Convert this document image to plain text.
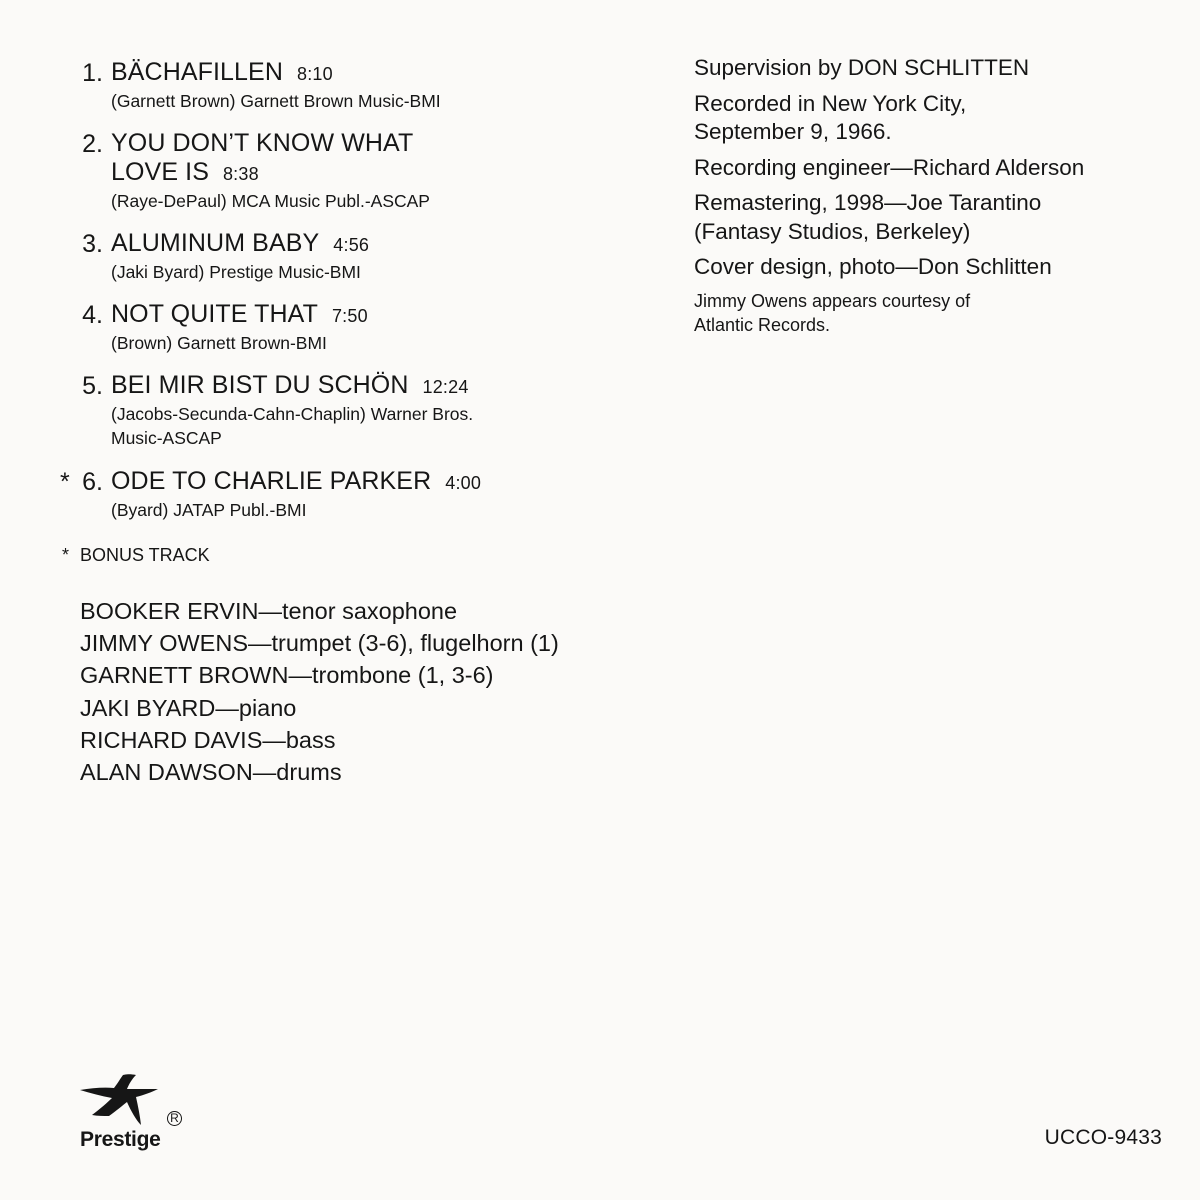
1. BÄCHAFILLEN 8:10
(Garnett Brown) Garnett Brown Music-BMI
2. YOU DON’T KNOW WHAT
LOVE IS 8:38
(Raye-DePaul) MCA Music Publ.-ASCAP
3. ALUMINUM BABY 4:56
(Jaki Byard) Prestige Music-BMI
4. NOT QUITE THAT 7:50
(Brown) Garnett Brown-BMI
5. BEI MIR BIST DU SCHÖN 12:24
(Jacobs-Secunda-Cahn-Chaplin) Warner Bros.
Music-ASCAP
* 6. ODE TO CHARLIE PARKER 4:00
(Byard) JATAP Publ.-BMI
* BONUS TRACK
BOOKER ERVIN—tenor saxophone
JIMMY OWENS—trumpet (3-6), flugelhorn (1)
GARNETT BROWN—trombone (1, 3-6)
JAKI BYARD—piano
RICHARD DAVIS—bass
ALAN DAWSON—drums
Supervision by DON SCHLITTEN
Recorded in New York City,
September 9, 1966.
Recording engineer—Richard Alderson
Remastering, 1998—Joe Tarantino
(Fantasy Studios, Berkeley)
Cover design, photo—Don Schlitten
Jimmy Owens appears courtesy of
Atlantic Records.
R
Prestige	UCCO-9433
